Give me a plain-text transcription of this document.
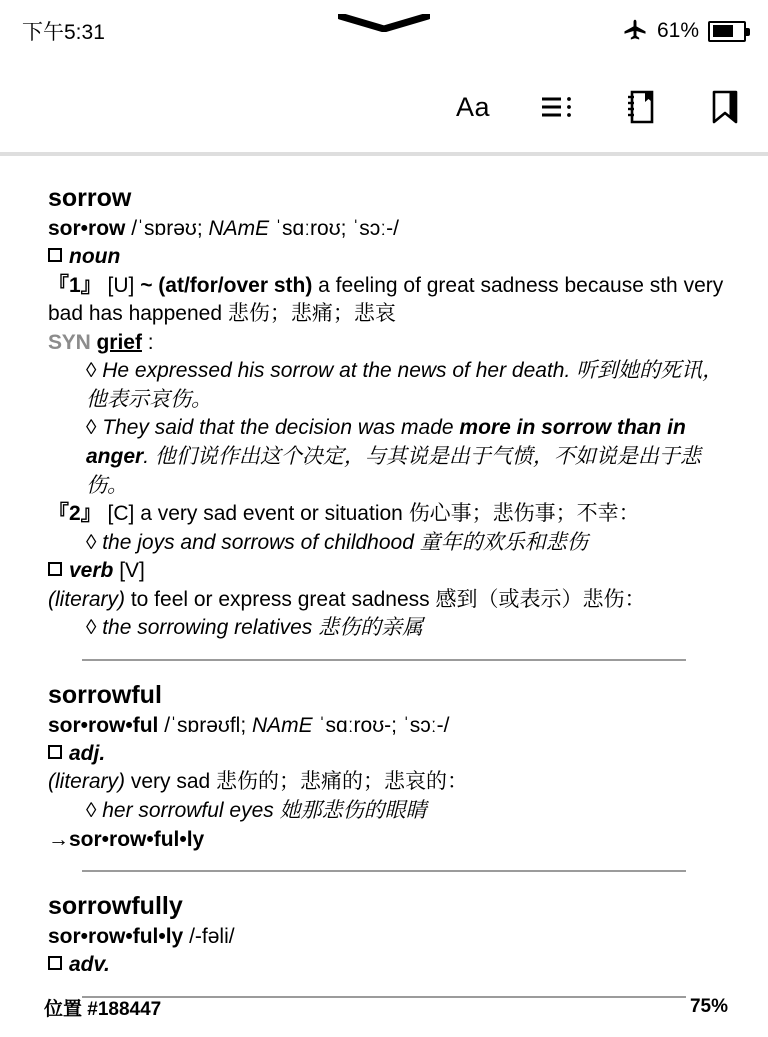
下午5:31	61%
Aa
sorrow
sor•row /ˈsɒrəʊ; NAmE ˈsɑːroʊ; ˈsɔː-/
noun
『1』 [U] ~ (at/for/over sth) a feeling of great sadness because sth very bad has happened 悲伤；悲痛；悲哀
SYN grief :
◊ He expressed his sorrow at the news of her death. 听到她的死讯，他表示哀伤。
◊ They said that the decision was made more in sorrow than in anger. 他们说作出这个决定，与其说是出于气愤，不如说是出于悲伤。
『2』 [C] a very sad event or situation 伤心事；悲伤事；不幸：
◊ the joys and sorrows of childhood 童年的欢乐和悲伤
verb [V]
(literary) to feel or express great sadness 感到（或表示）悲伤：
◊ the sorrowing relatives 悲伤的亲属
sorrowful
sor•row•ful /ˈsɒrəʊfl; NAmE ˈsɑːroʊ-; ˈsɔː-/
adj.
(literary) very sad 悲伤的；悲痛的；悲哀的：
◊ her sorrowful eyes 她那悲伤的眼睛
→sor•row•ful•ly
sorrowfully
sor•row•ful•ly /-fəli/
adv.
位置 #188447	75%
